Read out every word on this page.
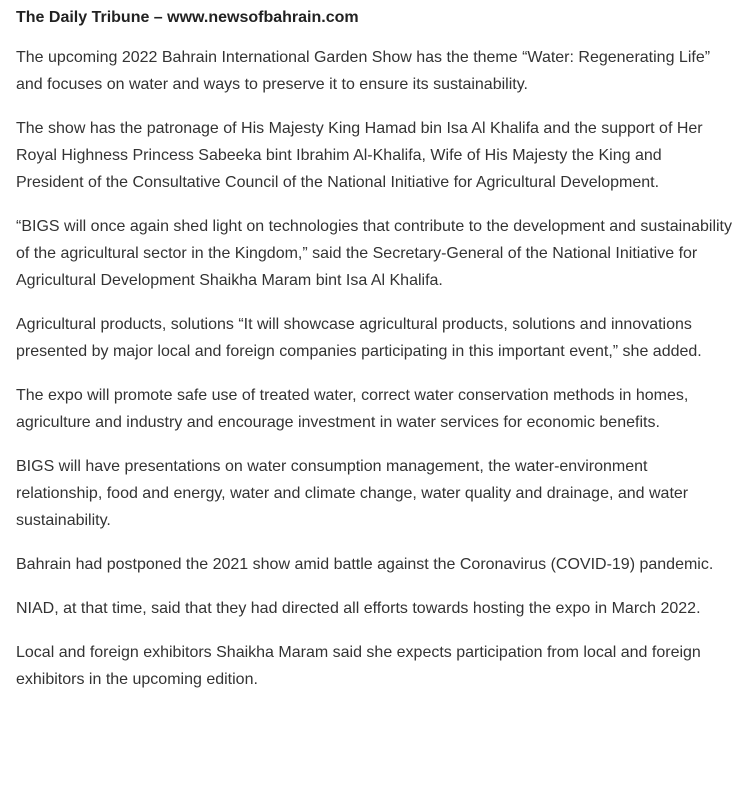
The Daily Tribune – www.newsofbahrain.com

The upcoming 2022 Bahrain International Garden Show has the theme “Water: Regenerating Life” and focuses on water and ways to preserve it to ensure its sustainability.

The show has the patronage of His Majesty King Hamad bin Isa Al Khalifa and the support of Her Royal Highness Princess Sabeeka bint Ibrahim Al-Khalifa, Wife of His Majesty the King and President of the Consultative Council of the National Initiative for Agricultural Development.

“BIGS will once again shed light on technologies that contribute to the development and sustainability of the agricultural sector in the Kingdom,” said the Secretary-General of the National Initiative for Agricultural Development Shaikha Maram bint Isa Al Khalifa.

Agricultural products, solutions “It will showcase agricultural products, solutions and innovations presented by major local and foreign companies participating in this important event,” she added.

The expo will promote safe use of treated water, correct water conservation methods in homes, agriculture and industry and encourage investment in water services for economic benefits.

BIGS will have presentations on water consumption management, the water-environment relationship, food and energy, water and climate change, water quality and drainage, and water sustainability.

Bahrain had postponed the 2021 show amid battle against the Coronavirus (COVID-19) pandemic.

NIAD, at that time, said that they had directed all efforts towards hosting the expo in March 2022.

Local and foreign exhibitors Shaikha Maram said she expects participation from local and foreign exhibitors in the upcoming edition.
